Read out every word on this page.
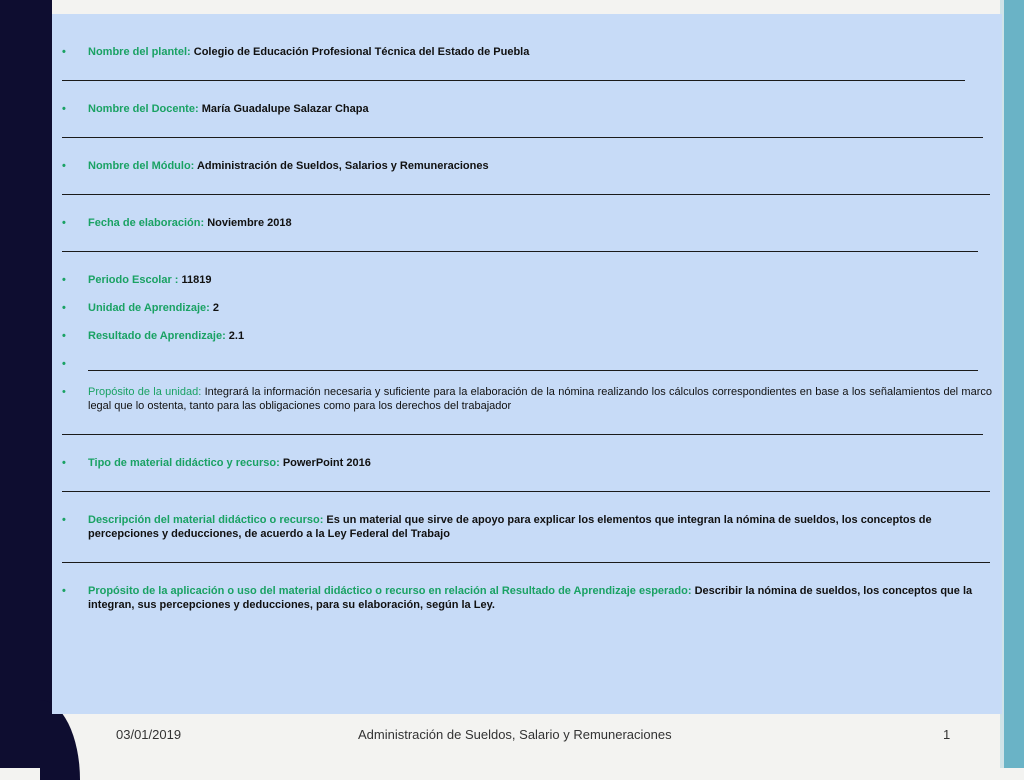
• Nombre del plantel: Colegio de Educación Profesional Técnica del Estado de Puebla
• Nombre del Docente: María Guadalupe Salazar Chapa
• Nombre del Módulo: Administración de Sueldos, Salarios y Remuneraciones
• Fecha de elaboración: Noviembre 2018
• Periodo Escolar : 11819
• Unidad de Aprendizaje: 2
• Resultado de Aprendizaje: 2.1
•
• Propósito de la unidad: Integrará la información necesaria y suficiente para la elaboración de la nómina realizando los cálculos correspondientes en base a los señalamientos del marco legal que lo ostenta, tanto para las obligaciones como para los derechos del trabajador
• Tipo de material didáctico y recurso: PowerPoint 2016
• Descripción del material didáctico o recurso: Es un material que sirve de apoyo para explicar los elementos que integran la nómina de sueldos, los conceptos de percepciones y deducciones, de acuerdo a la Ley Federal del Trabajo
• Propósito de la aplicación o uso del material didáctico o recurso en relación al Resultado de Aprendizaje esperado: Describir la nómina de sueldos, los conceptos que la integran, sus percepciones y deducciones, para su elaboración, según la Ley.
03/01/2019	Administración de Sueldos, Salario y Remuneraciones	1
